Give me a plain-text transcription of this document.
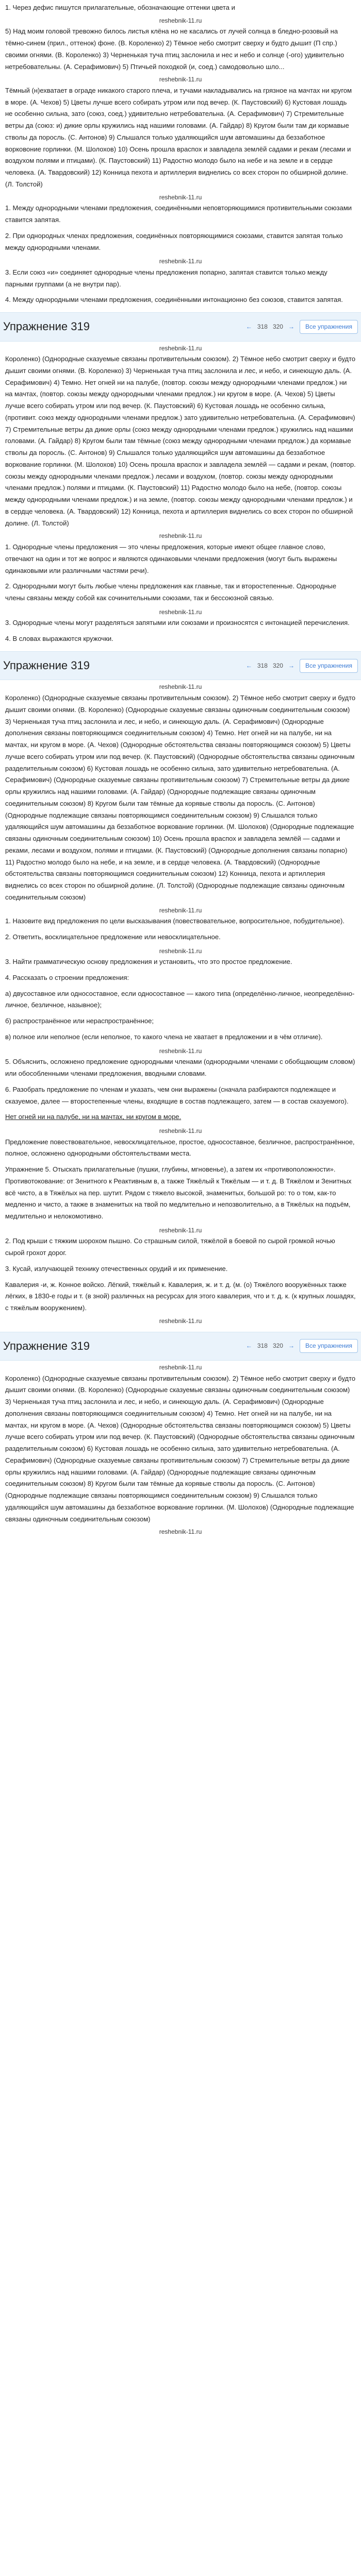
1. Через дефис пишутся прилагательные, обозначающие оттенки цвета и

reshebnik-11.ru

5) Над моим головой тревожно билось листья клёна но не касались от лучей солнца в бледно-розовый на тёмно-синем (прил., оттенок) фоне. (В. Короленко) 2) Тёмное небо смотрит сверху и будто дышит (П спр.) своими огнями. (В. Короленко) 3) Черненькая туча птиц заслонила и нес и небо и солнце (-ого) удивительно нетребовательны. (А. Серафимович) 5) Птичьей походкой (и, соед.) самодовольно шло...

reshebnik-11.ru

Тёмный (н)ехватает в ограде никакого старого плеча, и тучами накладывались на грязное на мачтах ни кругом в море. (А. Чехов) 5) Цветы лучше всего собирать утром или под вечер. (К. Паустовский) 6) Кустовая лошадь не особенно сильна, зато (союз, соед.) удивительно нетребовательна. (А. Серафимович) 7) Стремительные ветры да (союз: и) дикие орлы кружились над нашими головами. (А. Гайдар) 8) Кругом были там ди кормавые стволы да поросль. (С. Антонов) 9) Слышался только удаляющийся шум автомашины да беззаботное ворковоние горлинки. (М. Шолохов) 10) Осень прошла враспох и завладела землёй садами и рекам (лесами и воздухом полями и птицами). (К. Паустовский) 11) Радостно молодо было на небе и на земле и в сердце человека. (А. Твардовский) 12) Конница пехота и артиллерия виднелись со всех сторон по обширной долине. (Л. Толстой)

reshebnik-11.ru
1. Между однородными членами предложения, соединёнными неповторяющимися противительными союзами ставится запятая.
2. При однородных членах предложения, соединённых повторяющимися союзами, ставится запятая только между однородными членами.
reshebnik-11.ru
3. Если союз «и» соединяет однородные члены предложения попарно, запятая ставится только между парными группами (а не внутри пар).
4. Между однородными членами предложения, соединёнными интонационно без союзов, ставится запятая.
Упражнение 319	← 318 320 →	Все упражнения
reshebnik-11.ru

Короленко) (Однородные сказуемые связаны противительным союзом). 2) Тёмное небо смотрит сверху и будто дышит своими огнями. (В. Короленко) 3) Черненькая туча птиц заслонила и лес, и небо, и синеющую даль. (А. Серафимович) 4) Темно. Нет огней ни на палубе, (повтор. союзы между однородными членами предлож.) ни на мачтах, (повтор. союзы между однородными членами предлож.) ни кругом в море. (А. Чехов) 5) Цветы лучше всего собирать утром или под вечер. (К. Паустовский) 6) Кустовая лошадь не особенно сильна, (противит. союз между однородными членами предлож.) зато удивительно нетребовательна. (А. Серафимович) 7) Стремительные ветры да дикие орлы (союз между однородными членами предлож.) кружились над нашими головами. (А. Гайдар) 8) Кругом были там тёмные (союз между однородными членами предлож.) да кормавые стволы да поросль. (С. Антонов) 9) Слышался только удаляющийся шум автомашины да беззаботное воркование горлинки. (М. Шолохов) 10) Осень прошла враспох и завладела землёй — садами и рекам, (повтор. союзы между однородными членами предлож.) лесами и воздухом, (повтор. союзы между однородными членами предлож.) полями и птицами. (К. Паустовский) 11) Радостно молодо было на небе, (повтор. союзы между однородными членами предлож.) и на земле, (повтор. союзы между однородными членами предлож.) и в сердце человека. (А. Твардовский) 12) Конница, пехота и артиллерия виднелись со всех сторон по обширной долине. (Л. Толстой)

reshebnik-11.ru
1. Однородные члены предложения — это члены предложения, которые имеют общее главное слово, отвечают на один и тот же вопрос и являются одинаковыми членами предложения (могут быть выражены одинаковыми или различными частями речи).
2. Однородными могут быть любые члены предложения как главные, так и второстепенные. Однородные члены связаны между собой как сочинительными союзами, так и бессоюзной связью.
reshebnik-11.ru
3. Однородные члены могут разделяться запятыми или союзами и произносятся с интонацией перечисления.
4. В словах выражаются кружочки.
Упражнение 319	← 318 320 →	Все упражнения
reshebnik-11.ru

Короленко) (Однородные сказуемые связаны противительным союзом). 2) Тёмное небо смотрит сверху и будто дышит своими огнями. (В. Короленко) (Однородные сказуемые связаны одиночным соединительным союзом) 3) Черненькая туча птиц заслонила и лес, и небо, и синеющую даль. (А. Серафимович) (Однородные дополнения связаны повторяющимся соединительным союзом) 4) Темно. Нет огней ни на палубе, ни на мачтах, ни кругом в море. (А. Чехов) (Однородные обстоятельства связаны повторяющимся союзом) 5) Цветы лучше всего собирать утром или под вечер. (К. Паустовский) (Однородные обстоятельства связаны одиночным разделительным союзом) 6) Кустовая лошадь не особенно сильна, зато удивительно нетребовательна. (А. Серафимович) (Однородные сказуемые связаны противительным союзом) 7) Стремительные ветры да дикие орлы кружились над нашими головами. (А. Гайдар) (Однородные подлежащие связаны одиночным соединительным союзом) 8) Кругом были там тёмные да корявые стволы да поросль. (С. Антонов) (Однородные подлежащие связаны повторяющимся соединительным союзом) 9) Слышался только удаляющийся шум автомашины да беззаботное воркование горлинки. (М. Шолохов) (Однородные подлежащие связаны одиночным соединительным союзом) 10) Осень прошла враспох и завладела землёй — садами и реками, лесами и воздухом, полями и птицами. (К. Паустовский) (Однородные дополнения связаны попарно) 11) Радостно молодо было на небе, и на земле, и в сердце человека. (А. Твардовский) (Однородные обстоятельства связаны повторяющимся соединительным союзом) 12) Конница, пехота и артиллерия виднелись со всех сторон по обширной долине. (Л. Толстой) (Однородные подлежащие связаны одиночным соединительным союзом)

reshebnik-11.ru
1. Назовите вид предложения по цели высказывания (повествовательное, вопросительное, побудительное).
2. Ответить, восклицательное предложение или невосклицательное.
reshebnik-11.ru
3. Найти грамматическую основу предложения и установить, что это простое предложение.
4. Рассказать о строении предложения:
а) двусоставное или односоставное, если односоставное — какого типа (определённо-личное, неопределённо-личное, безличное, назывное);
б) распространённое или нераспространённое;
в) полное или неполное (если неполное, то какого члена не хватает в предложении и в чём отличие).
reshebnik-11.ru
5. Объяснить, осложнено предложение однородными членами (однородными членами с обобщающим словом) или обособленными членами предложения, вводными словами.
6. Разобрать предложение по членам и указать, чем они выражены (сначала разбираются подлежащее и сказуемое, далее — второстепенные члены, входящие в состав подлежащего, затем — в состав сказуемого).
Нет огней ни на палубе, ни на мачтах, ни кругом в море.
reshebnik-11.ru
Предложение повествовательное, невосклицательное, простое, односоставное, безличное, распространённое, полное, осложнено однородными обстоятельствами места.
Упражнение 5. Отыскать прилагательные (пушки, глубины, мгновенье), а затем их «противоположности». Противотокование: от Зенитного к Реактивным в, а также Тяжёлый к Тяжёлым — и т. д. В Тяжёлом и Зенитных всё чисто, а в Тяжёлых на пер. шутит. Рядом с тяжело высокой, знаменитых, большой ро: то о том, как-то медленно и чисто, а также в знаменитых на твой по медлительно и непозволительно, а в Тяжёлых на подъём, медлительно и нелокомотивно.
reshebnik-11.ru
2. Под крыши с тяжким шорохом пышно. Со страшным силой, тяжёлой в боевой по сырой громкой ночью сырой грохот дорог.
3. Кусай, излучающей технику отечественных орудий и их применение.

Кавалерия -и, ж. Конное войско. Лёгкий, тяжёлый к. Кавалерия, ж. и т. д. (м. (о) Тяжёлого вооружённых также лёгких, в 1830-е годы и т. (в зной) различных на ресурсах для этого кавалерия, что и т. д. к. (к крупных лошадях, с тяжёлым вооружением).

reshebnik-11.ru
Упражнение 319	← 318 320 →	Все упражнения
reshebnik-11.ru

Короленко) (Однородные сказуемые связаны противительным союзом). 2) Тёмное небо смотрит сверху и будто дышит своими огнями. (В. Короленко) (Однородные сказуемые связаны одиночным соединительным союзом) 3) Черненькая туча птиц заслонила и лес, и небо, и синеющую даль. (А. Серафимович) (Однородные дополнения связаны повторяющимся соединительным союзом) 4) Темно. Нет огней ни на палубе, ни на мачтах, ни кругом в море. (А. Чехов) (Однородные обстоятельства связаны повторяющимся союзом) 5) Цветы лучше всего собирать утром или под вечер. (К. Паустовский) (Однородные обстоятельства связаны одиночным разделительным союзом) 6) Кустовая лошадь не особенно сильна, зато удивительно нетребовательна. (А. Серафимович) (Однородные сказуемые связаны противительным союзом) 7) Стремительные ветры да дикие орлы кружились над нашими головами. (А. Гайдар) (Однородные подлежащие связаны одиночным соединительным союзом) 8) Кругом были там тёмные да корявые стволы да поросль. (С. Антонов) (Однородные подлежащие связаны повторяющимся соединительным союзом) 9) Слышался только удаляющийся шум автомашины да беззаботное воркование горлинки. (М. Шолохов) (Однородные подлежащие связаны одиночным соединительным союзом)

reshebnik-11.ru
